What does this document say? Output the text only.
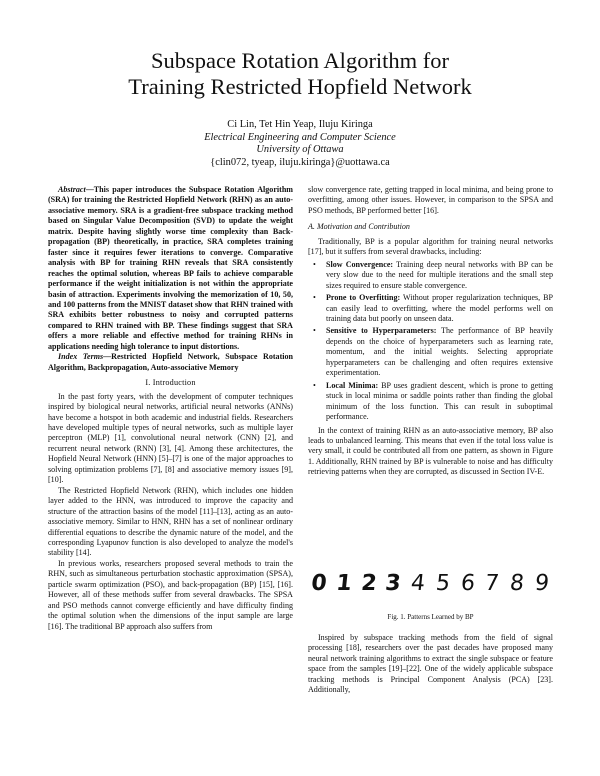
Subspace Rotation Algorithm for
Training Restricted Hopfield Network
Ci Lin, Tet Hin Yeap, Iluju Kiringa
Electrical Engineering and Computer Science
University of Ottawa
{clin072, tyeap, iluju.kiringa}@uottawa.ca

Abstract—This paper introduces the Subspace Rotation Algorithm (SRA) for training the Restricted Hopfield Network (RHN) as an auto-associative memory. SRA is a gradient-free subspace tracking method based on Singular Value Decomposition (SVD) to update the weight matrix. Despite having slightly worse time complexity than Back-propagation (BP) theoretically, in practice, SRA completes training faster since it requires fewer iterations to converge. Comparative analysis with BP for training RHN reveals that SRA consistently reaches the optimal solution, whereas BP fails to achieve comparable performance if the weight initialization is not within the appropriate basin of attraction. Experiments involving the memorization of 10, 50, and 100 patterns from the MNIST dataset show that RHN trained with SRA exhibits better robustness to noisy and corrupted patterns compared to RHN trained with BP. These findings suggest that SRA offers a more reliable and effective method for training RHNs in applications needing high tolerance to input distortions.

Index Terms—Restricted Hopfield Network, Subspace Rotation Algorithm, Backpropagation, Auto-associative Memory

I. Introduction

In the past forty years, with the development of computer techniques inspired by biological neural networks, artificial neural networks (ANNs) have become a hotspot in both academic and industrial fields. Researchers have developed multiple types of neural networks, such as multiple layer perceptron (MLP) [1], convolutional neural network (CNN) [2], and recurrent neural network (RNN) [3], [4]. Among these architectures, the Hopfield Neural Network (HNN) [5]–[7] is one of the major approaches to solving optimization problems [7], [8] and associative memory issues [9], [10].

The Restricted Hopfield Network (RHN), which includes one hidden layer added to the HNN, was introduced to improve the capacity and structure of the attraction basins of the model [11]–[13], acting as an auto-associative memory. Similar to HNN, RHN has a set of nonlinear ordinary differential equations to describe the dynamic nature of the model, and the corresponding Lyapunov function is also developed to analyze the model's stability [14].

In previous works, researchers proposed several methods to train the RHN, such as simultaneous perturbation stochastic approximation (SPSA), particle swarm optimization (PSO), and back-propagation (BP) [15], [16]. However, all of these methods suffer from several drawbacks. The SPSA and PSO methods cannot converge efficiently and have difficulty finding the optimal solution when the dimensions of the input sample are large [16]. The traditional BP approach also suffers from

slow convergence rate, getting trapped in local minima, and being prone to overfitting, among other issues. However, in comparison to the SPSA and PSO methods, BP performed better [16].

A. Motivation and Contribution

Traditionally, BP is a popular algorithm for training neural networks [17], but it suffers from several drawbacks, including:

• Slow Convergence: Training deep neural networks with BP can be very slow due to the need for multiple iterations and the small step sizes required to ensure stable convergence.
• Prone to Overfitting: Without proper regularization techniques, BP can easily lead to overfitting, where the model performs well on training data but poorly on unseen data.
• Sensitive to Hyperparameters: The performance of BP heavily depends on the choice of hyperparameters such as learning rate, momentum, and the initial weights. Selecting appropriate hyperparameters can be challenging and often requires extensive experimentation.
• Local Minima: BP uses gradient descent, which is prone to getting stuck in local minima or saddle points rather than finding the global minimum of the loss function. This can result in suboptimal performance.

In the context of training RHN as an auto-associative memory, BP also leads to unbalanced learning. This means that even if the total loss value is very small, it could be contributed all from one pattern, as shown in Figure 1. Additionally, RHN trained by BP is vulnerable to noise and has difficulty retrieving patterns when they are corrupted, as discussed in Section IV-E.

0 1 2 3 4 5 6 7 8 9
Fig. 1. Patterns Learned by BP

Inspired by subspace tracking methods from the field of signal processing [18], researchers over the past decades have proposed many neural network training algorithms to extract the single subspace or feature space from the samples [19]–[22]. One of the widely applicable subspace tracking methods is Principal Component Analysis (PCA) [23]. Additionally,
